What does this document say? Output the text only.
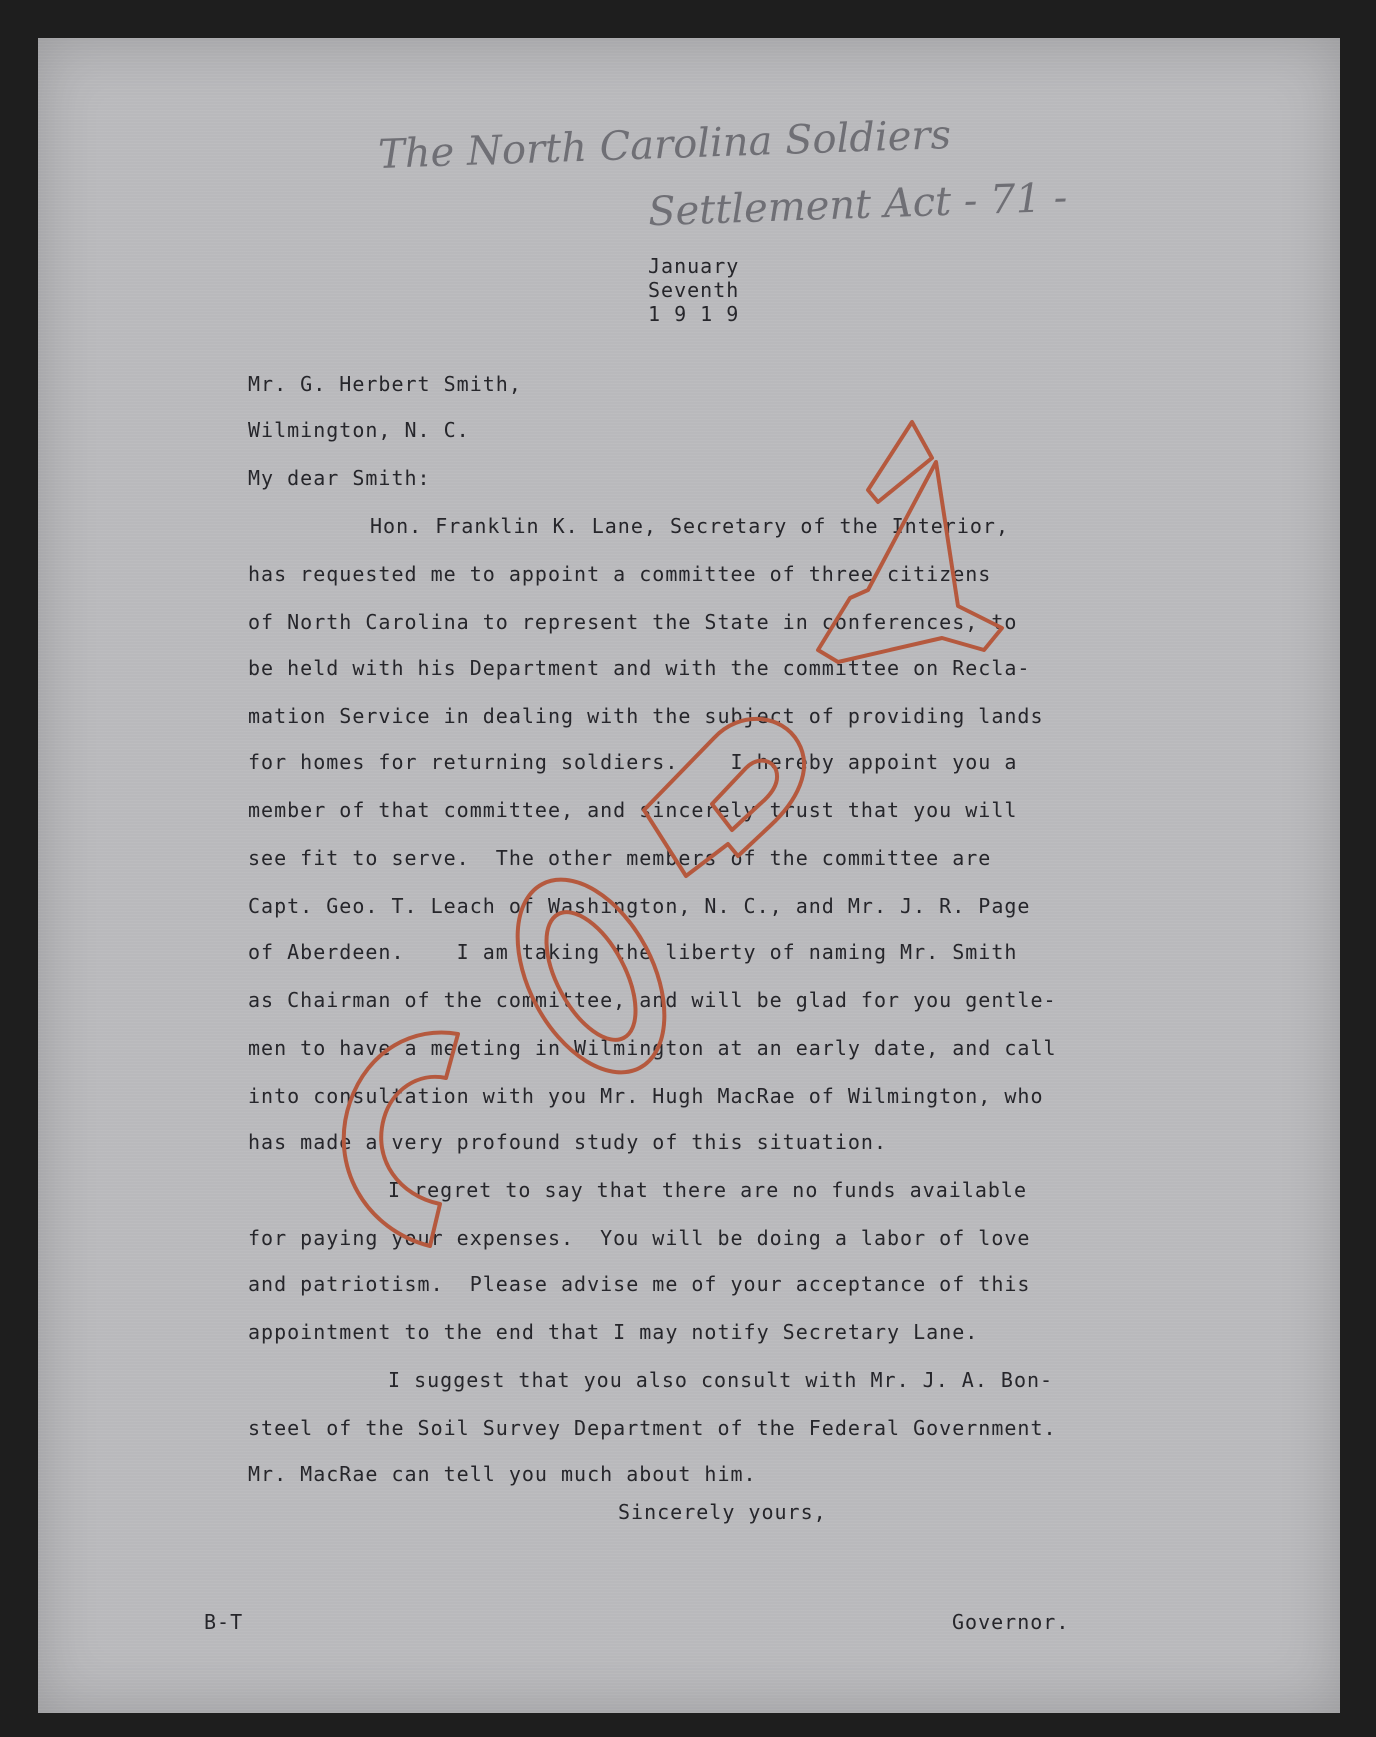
The North Carolina Soldiers
Settlement Act - 71 -
January
Seventh
1 9 1 9
Mr. G. Herbert Smith,
Wilmington, N. C.
My dear Smith:
Hon. Franklin K. Lane, Secretary of the Interior,
has requested me to appoint a committee of three citizens
of North Carolina to represent the State in conferences, to
be held with his Department and with the committee on Recla-
mation Service in dealing with the subject of providing lands
for homes for returning soldiers.    I hereby appoint you a
member of that committee, and sincerely trust that you will
see fit to serve.  The other members of the committee are
Capt. Geo. T. Leach of Washington, N. C., and Mr. J. R. Page
of Aberdeen.    I am taking the liberty of naming Mr. Smith
as Chairman of the committee, and will be glad for you gentle-
men to have a meeting in Wilmington at an early date, and call
into consultation with you Mr. Hugh MacRae of Wilmington, who
has made a very profound study of this situation.
I regret to say that there are no funds available
for paying your expenses.  You will be doing a labor of love
and patriotism.  Please advise me of your acceptance of this
appointment to the end that I may notify Secretary Lane.
I suggest that you also consult with Mr. J. A. Bon-
steel of the Soil Survey Department of the Federal Government.
Mr. MacRae can tell you much about him.
Sincerely yours,
B-T	Governor.
